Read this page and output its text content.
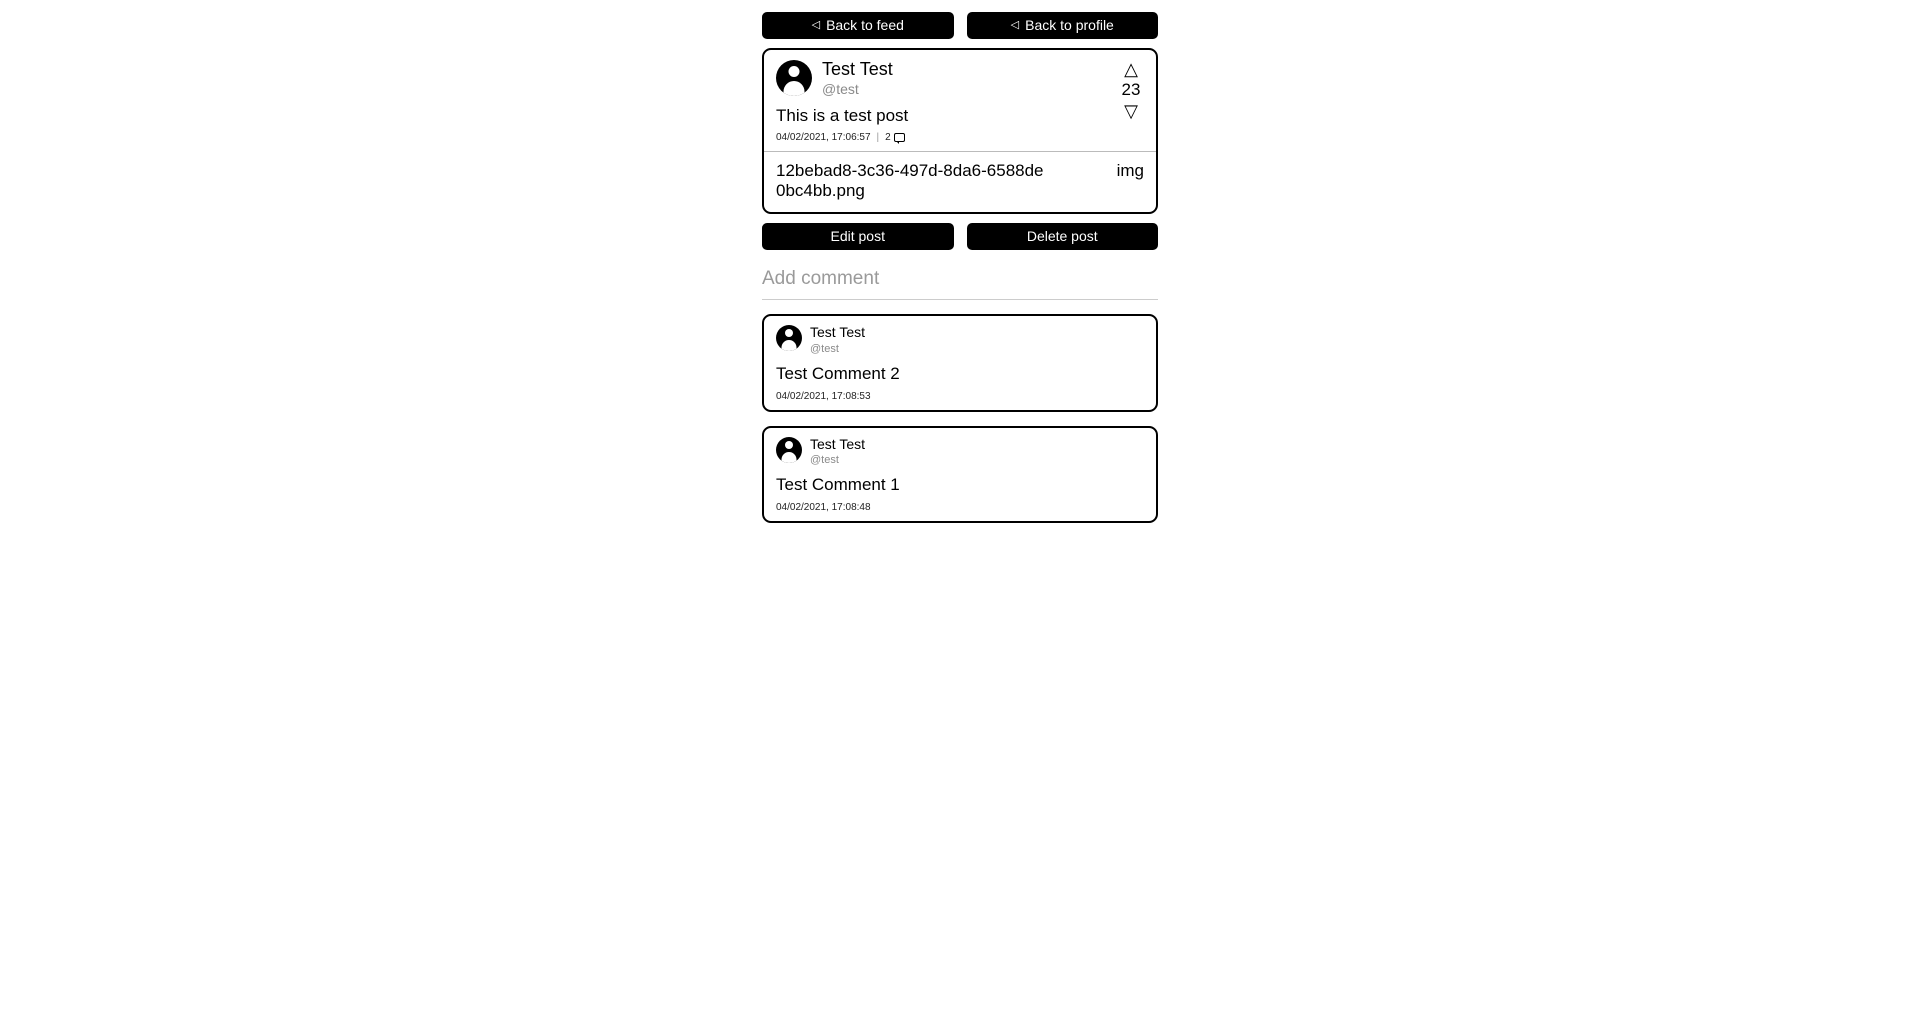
◁ Back to feed	◁ Back to profile
Test Test
@test
This is a test post
04/02/2021, 17:06:57 | 2
△
23
▽
12bebad8-3c36-497d-8da6-6588de0bc4bb.png
img
Edit post	Delete post
Add comment
Test Test
@test
Test Comment 2
04/02/2021, 17:08:53
Test Test
@test
Test Comment 1
04/02/2021, 17:08:48
